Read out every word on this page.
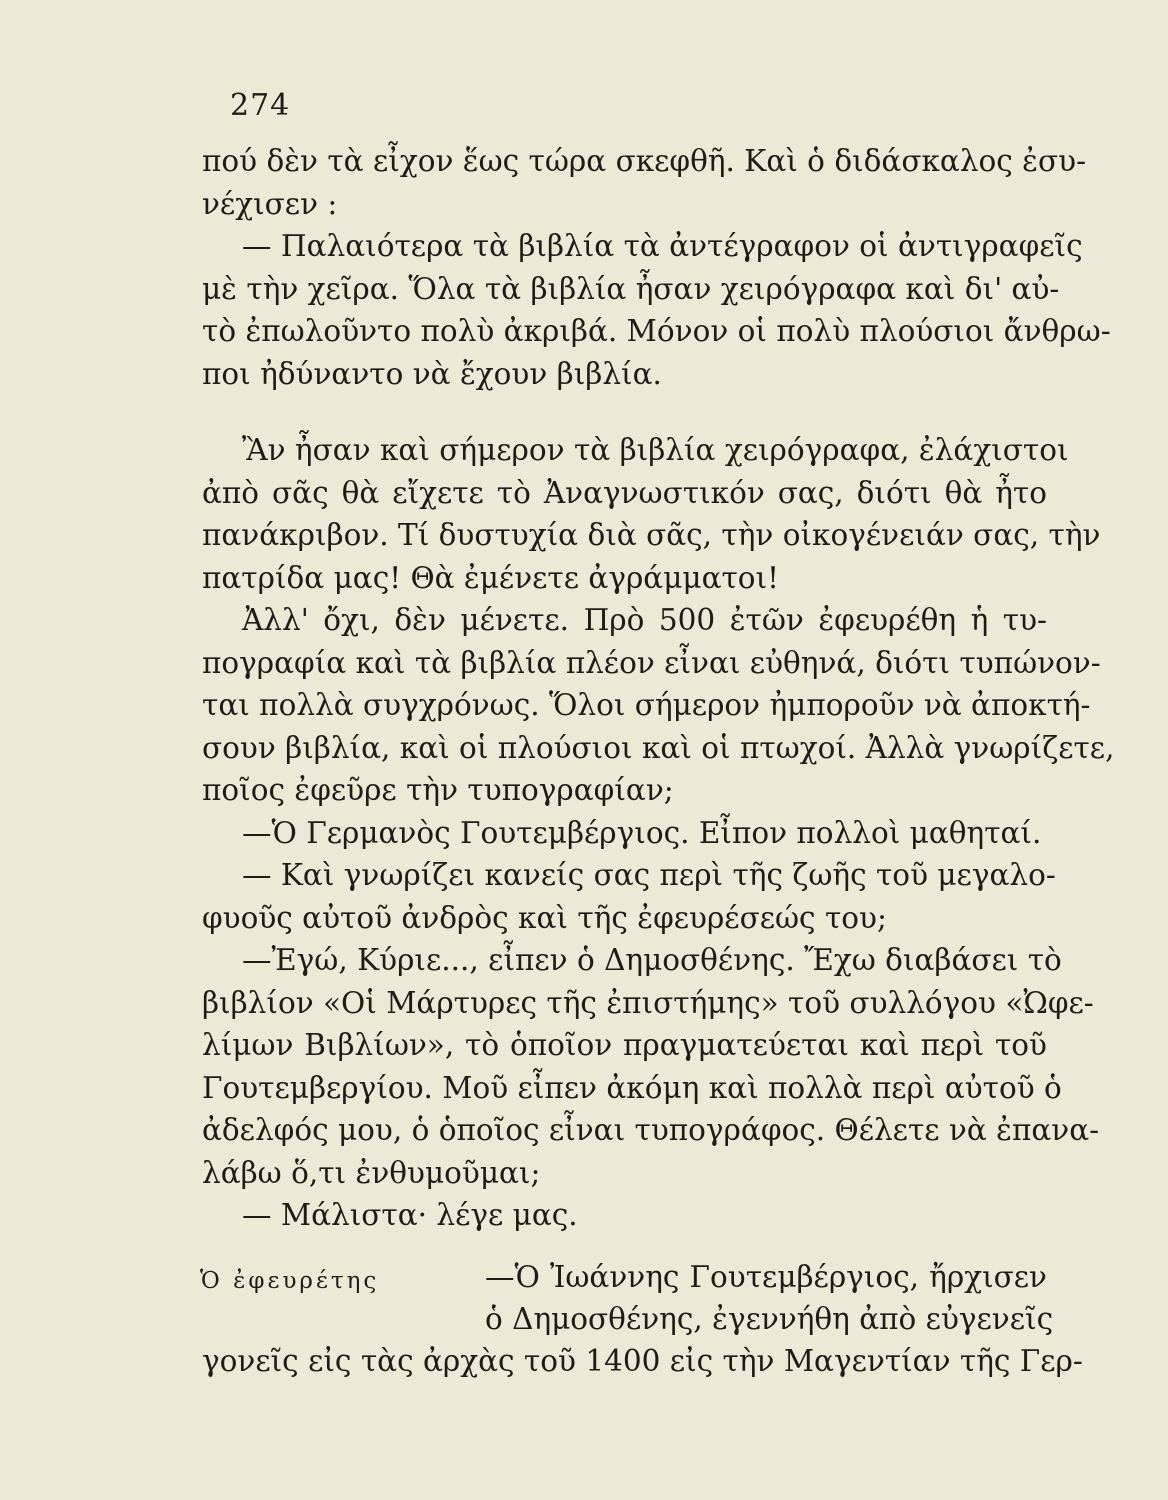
274
πού δὲν τὰ εἶχον ἕως τώρα σκεφθῆ. Καὶ ὁ διδάσκαλος ἐσυ-
νέχισεν :
— Παλαιότερα τὰ βιβλία τὰ ἀντέγραφον οἱ ἀντιγραφεῖς
μὲ τὴν χεῖρα. Ὅλα τὰ βιβλία ἦσαν χειρόγραφα καὶ δι' αὐ-
τὸ ἐπωλοῦντο πολὺ ἀκριβά. Μόνον οἱ πολὺ πλούσιοι ἄνθρω-
ποι ἠδύναντο νὰ ἔχουν βιβλία.
Ἂν ἦσαν καὶ σήμερον τὰ βιβλία χειρόγραφα, ἐλάχιστοι
ἀπὸ σᾶς θὰ εἴχετε τὸ Ἀναγνωστικόν σας, διότι θὰ ἦτο
πανάκριβον. Τί δυστυχία διὰ σᾶς, τὴν οἰκογένειάν σας, τὴν
πατρίδα μας! Θὰ ἐμένετε ἀγράμματοι!
Ἀλλ' ὄχι, δὲν μένετε. Πρὸ 500 ἐτῶν ἐφευρέθη ἡ τυ-
πογραφία καὶ τὰ βιβλία πλέον εἶναι εὐθηνά, διότι τυπώνον-
ται πολλὰ συγχρόνως. Ὅλοι σήμερον ἠμποροῦν νὰ ἀποκτή-
σουν βιβλία, καὶ οἱ πλούσιοι καὶ οἱ πτωχοί. Ἀλλὰ γνωρίζετε,
ποῖος ἐφεῦρε τὴν τυπογραφίαν;
—Ὁ Γερμανὸς Γουτεμβέργιος. Εἶπον πολλοὶ μαθηταί.
— Καὶ γνωρίζει κανείς σας περὶ τῆς ζωῆς τοῦ μεγαλο-
φυοῦς αὐτοῦ ἀνδρὸς καὶ τῆς ἐφευρέσεώς του;
—Ἐγώ, Κύριε..., εἶπεν ὁ Δημοσθένης. Ἔχω διαβάσει τὸ
βιβλίον «Οἱ Μάρτυρες τῆς ἐπιστήμης» τοῦ συλλόγου «Ὠφε-
λίμων Βιβλίων», τὸ ὁποῖον πραγματεύεται καὶ περὶ τοῦ
Γουτεμβεργίου. Μοῦ εἶπεν ἀκόμη καὶ πολλὰ περὶ αὐτοῦ ὁ
ἀδελφός μου, ὁ ὁποῖος εἶναι τυπογράφος. Θέλετε νὰ ἐπανα-
λάβω ὅ,τι ἐνθυμοῦμαι;
— Μάλιστα· λέγε μας.
Ὁ ἐφευρέτης	—Ὁ Ἰωάννης Γουτεμβέργιος, ἤρχισεν
ὁ Δημοσθένης, ἐγεννήθη ἀπὸ εὐγενεῖς
γονεῖς εἰς τὰς ἀρχὰς τοῦ 1400 εἰς τὴν Μαγεντίαν τῆς Γερ-
